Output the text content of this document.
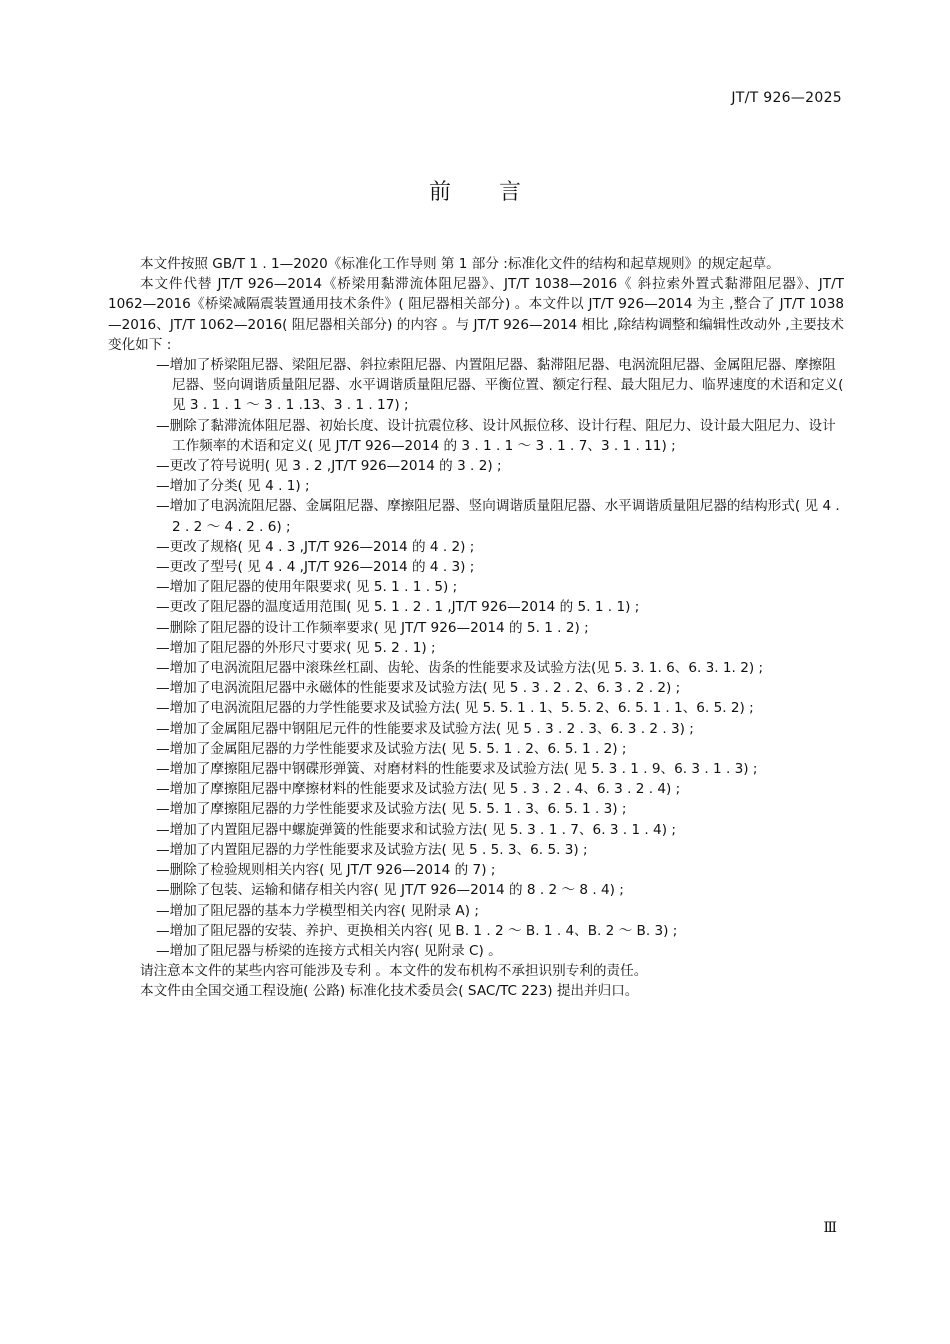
JT/T 926—2025
前言

本文件按照 GB/T 1 . 1—2020《标准化工作导则 第 1 部分 :标准化文件的结构和起草规则》的规定起草。

本文件代替 JT/T 926—2014《桥梁用黏滞流体阻尼器》、JT/T 1038—2016《 斜拉索外置式黏滞阻尼器》、JT/T 1062—2016《桥梁减隔震装置通用技术条件》( 阻尼器相关部分) 。本文件以 JT/T 926—2014 为主 ,整合了 JT/T 1038—2016、JT/T 1062—2016( 阻尼器相关部分) 的内容 。与 JT/T 926—2014 相比 ,除结构调整和编辑性改动外 ,主要技术变化如下 :

—增加了桥梁阻尼器、梁阻尼器、斜拉索阻尼器、内置阻尼器、黏滞阻尼器、电涡流阻尼器、金属阻尼器、摩擦阻尼器、竖向调谐质量阻尼器、水平调谐质量阻尼器、平衡位置、额定行程、最大阻尼力、临界速度的术语和定义( 见 3 . 1 . 1 ～ 3 . 1 .13、3 . 1 . 17) ;

—删除了黏滞流体阻尼器、初始长度、设计抗震位移、设计风振位移、设计行程、阻尼力、设计最大阻尼力、设计工作频率的术语和定义( 见 JT/T 926—2014 的 3 . 1 . 1 ～ 3 . 1 . 7、3 . 1 . 11) ;

—更改了符号说明( 见 3 . 2 ,JT/T 926—2014 的 3 . 2) ;

—增加了分类( 见 4 . 1) ;

—增加了电涡流阻尼器、金属阻尼器、摩擦阻尼器、竖向调谐质量阻尼器、水平调谐质量阻尼器的结构形式( 见 4 . 2 . 2 ～ 4 . 2 . 6) ;

—更改了规格( 见 4 . 3 ,JT/T 926—2014 的 4 . 2) ;

—更改了型号( 见 4 . 4 ,JT/T 926—2014 的 4 . 3) ;

—增加了阻尼器的使用年限要求( 见 5. 1 . 1 . 5) ;

—更改了阻尼器的温度适用范围( 见 5. 1 . 2 . 1 ,JT/T 926—2014 的 5. 1 . 1) ;

—删除了阻尼器的设计工作频率要求( 见 JT/T 926—2014 的 5. 1 . 2) ;

—增加了阻尼器的外形尺寸要求( 见 5. 2 . 1) ;

—增加了电涡流阻尼器中滚珠丝杠副、齿轮、齿条的性能要求及试验方法(见 5. 3. 1. 6、6. 3. 1. 2) ;

—增加了电涡流阻尼器中永磁体的性能要求及试验方法( 见 5 . 3 . 2 . 2、6. 3 . 2 . 2) ;

—增加了电涡流阻尼器的力学性能要求及试验方法( 见 5. 5. 1 . 1、5. 5. 2、6. 5. 1 . 1、6. 5. 2) ;

—增加了金属阻尼器中钢阻尼元件的性能要求及试验方法( 见 5 . 3 . 2 . 3、6. 3 . 2 . 3) ;

—增加了金属阻尼器的力学性能要求及试验方法( 见 5. 5. 1 . 2、6. 5. 1 . 2) ;

—增加了摩擦阻尼器中钢碟形弹簧、对磨材料的性能要求及试验方法( 见 5. 3 . 1 . 9、6. 3 . 1 . 3) ;

—增加了摩擦阻尼器中摩擦材料的性能要求及试验方法( 见 5 . 3 . 2 . 4、6. 3 . 2 . 4) ;

—增加了摩擦阻尼器的力学性能要求及试验方法( 见 5. 5. 1 . 3、6. 5. 1 . 3) ;

—增加了内置阻尼器中螺旋弹簧的性能要求和试验方法( 见 5. 3 . 1 . 7、6. 3 . 1 . 4) ;

—增加了内置阻尼器的力学性能要求及试验方法( 见 5 . 5. 3、6. 5. 3) ;

—删除了检验规则相关内容( 见 JT/T 926—2014 的 7) ;

—删除了包装、运输和储存相关内容( 见 JT/T 926—2014 的 8 . 2 ～ 8 . 4) ;

—增加了阻尼器的基本力学模型相关内容( 见附录 A) ;

—增加了阻尼器的安装、养护、更换相关内容( 见 B. 1 . 2 ～ B. 1 . 4、B. 2 ～ B. 3) ;

—增加了阻尼器与桥梁的连接方式相关内容( 见附录 C) 。

请注意本文件的某些内容可能涉及专利 。本文件的发布机构不承担识别专利的责任。

本文件由全国交通工程设施( 公路) 标准化技术委员会( SAC/TC 223) 提出并归口。

Ⅲ
